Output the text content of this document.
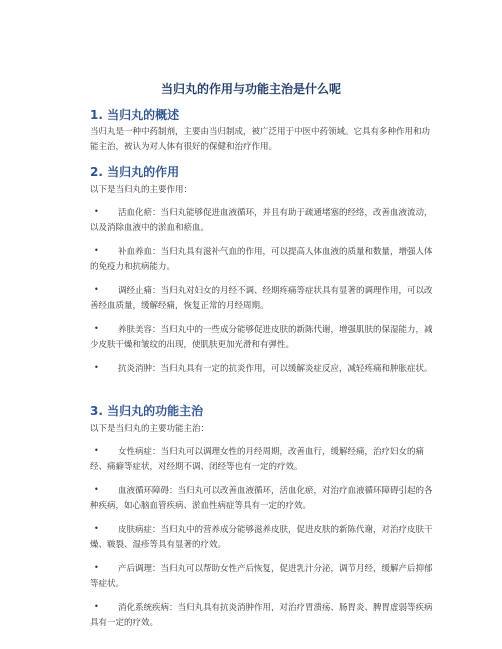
当归丸的作用与功能主治是什么呢
1. 当归丸的概述

当归丸是一种中药制剂，主要由当归制成，被广泛用于中医中药领域。它具有多种作用和功能主治，被认为对人体有很好的保健和治疗作用。

2. 当归丸的作用

以下是当归丸的主要作用：

•	活血化瘀：当归丸能够促进血液循环，并且有助于疏通堵塞的经络，改善血液流动，以及消除血液中的淤血和瘀血。

•	补血养血：当归丸具有滋补气血的作用，可以提高人体血液的质量和数量，增强人体的免疫力和抗病能力。

•	调经止痛：当归丸对妇女的月经不调、经期疼痛等症状具有显著的调理作用，可以改善经血质量，缓解经痛，恢复正常的月经周期。

•	养肤美容：当归丸中的一些成分能够促进皮肤的新陈代谢，增强肌肤的保湿能力，减少皮肤干燥和皱纹的出现，使肌肤更加光滑和有弹性。

•	抗炎消肿：当归丸具有一定的抗炎作用，可以缓解炎症反应，减轻疼痛和肿胀症状。

3. 当归丸的功能主治

以下是当归丸的主要功能主治：

•	女性病症：当归丸可以调理女性的月经周期，改善血行，缓解经痛，治疗妇女的痛经、痛癖等症状，对经期不调、闭经等也有一定的疗效。

•	血液循环障碍：当归丸可以改善血液循环，活血化瘀，对治疗血液循环障碍引起的各种疾病，如心脑血管疾病、淤血性病症等具有一定的疗效。

•	皮肤病症：当归丸中的营养成分能够滋养皮肤，促进皮肤的新陈代谢，对治疗皮肤干燥、皲裂、湿疹等具有显著的疗效。

•	产后调理：当归丸可以帮助女性产后恢复，促进乳汁分泌，调节月经，缓解产后抑郁等症状。

•	消化系统疾病：当归丸具有抗炎消肿作用，对治疗胃溃疡、肠胃炎、脾胃虚弱等疾病具有一定的疗效。
